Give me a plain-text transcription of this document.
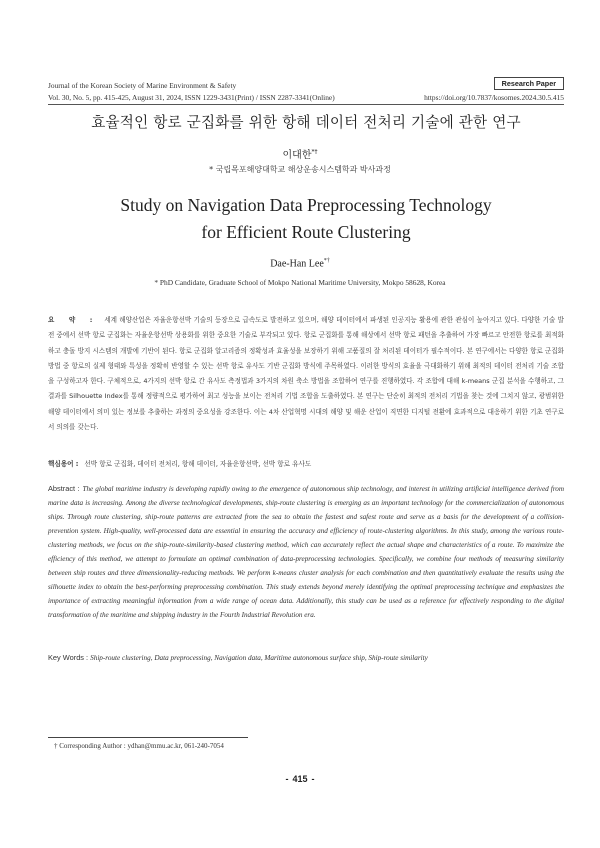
Journal of the Korean Society of Marine Environment & Safety
Vol. 30, No. 5, pp. 415-425, August 31, 2024, ISSN 1229-3431(Print) / ISSN 2287-3341(Online)
Research Paper
https://doi.org/10.7837/kosomes.2024.30.5.415
효율적인 항로 군집화를 위한 항해 데이터 전처리 기술에 관한 연구
이대한*†
* 국립목포해양대학교 해상운송시스템학과 박사과정
Study on Navigation Data Preprocessing Technology
for Efficient Route Clustering
Dae-Han Lee*†
* PhD Candidate, Graduate School of Mokpo National Maritime University, Mokpo 58628, Korea
요 약 : 세계 해양산업은 자율운항선박 기술의 등장으로 급속도로 발전하고 있으며, 해양 데이터에서 파생된 인공지능 활용에 관한 관심이 높아지고 있다. 다양한 기술 발전 중에서 선박 항로 군집화는 자율운항선박 상용화를 위한 중요한 기술로 부각되고 있다. 항로 군집화를 통해 해상에서 선박 항로 패턴을 추출하여 가장 빠르고 안전한 항로를 최적화하고 충돌 방지 시스템의 개발에 기반이 된다. 항로 군집화 알고리즘의 정확성과 효율성을 보장하기 위해 고품질의 잘 처리된 데이터가 필수적이다. 본 연구에서는 다양한 항로 군집화 방법 중 항로의 실제 형태와 특성을 정확히 반영할 수 있는 선박 항로 유사도 기반 군집화 방식에 주목하였다. 이러한 방식의 효율을 극대화하기 위해 최적의 데이터 전처리 기술 조합을 구성하고자 한다. 구체적으로, 4가지의 선박 항로 간 유사도 측정법과 3가지의 차원 축소 방법을 조합하여 연구를 진행하였다. 각 조합에 대해 k-means 군집 분석을 수행하고, 그 결과를 Silhouette Index를 통해 정량적으로 평가하여 최고 성능을 보이는 전처리 기법 조합을 도출하였다. 본 연구는 단순히 최적의 전처리 기법을 찾는 것에 그치지 않고, 광범위한 해양 데이터에서 의미 있는 정보를 추출하는 과정의 중요성을 강조한다. 이는 4차 산업혁명 시대의 해양 및 해운 산업이 직면한 디지털 전환에 효과적으로 대응하기 위한 기초 연구로서 의의를 갖는다.
핵심용어 : 선박 항로 군집화, 데이터 전처리, 항해 데이터, 자율운항선박, 선박 항로 유사도
Abstract : The global maritime industry is developing rapidly owing to the emergence of autonomous ship technology, and interest in utilizing artificial intelligence derived from marine data is increasing. Among the diverse technological developments, ship-route clustering is emerging as an important technology for the commercialization of autonomous ships. Through route clustering, ship-route patterns are extracted from the sea to obtain the fastest and safest route and serve as a basis for the development of a collision-prevention system. High-quality, well-processed data are essential in ensuring the accuracy and efficiency of route-clustering algorithms. In this study, among the various route-clustering methods, we focus on the ship-route-similarity-based clustering method, which can accurately reflect the actual shape and characteristics of a route. To maximize the efficiency of this method, we attempt to formulate an optimal combination of data-preprocessing technologies. Specifically, we combine four methods of measuring similarity between ship routes and three dimensionality-reducing methods. We perform k-means cluster analysis for each combination and then quantitatively evaluate the results using the silhouette index to obtain the best-performing preprocessing combination. This study extends beyond merely identifying the optimal preprocessing technique and emphasizes the importance of extracting meaningful information from a wide range of ocean data. Additionally, this study can be used as a reference for effectively responding to the digital transformation of the maritime and shipping industry in the Fourth Industrial Revolution era.
Key Words : Ship-route clustering, Data preprocessing, Navigation data, Maritime autonomous surface ship, Ship-route similarity
† Corresponding Author : ydhan@mmu.ac.kr, 061-240-7054
- 415 -
